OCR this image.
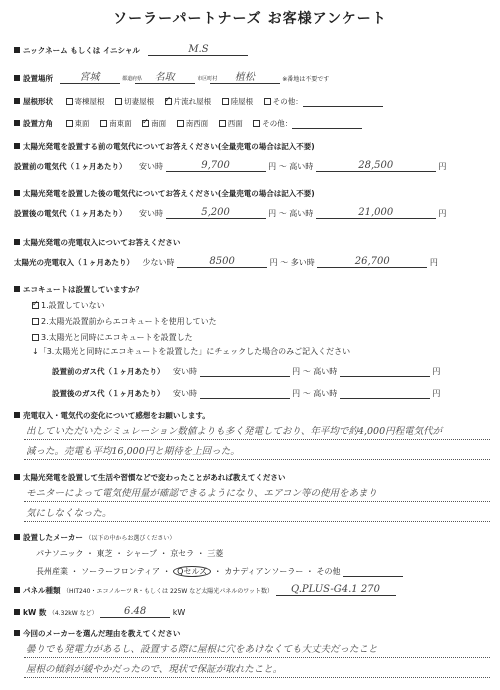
ソーラーパートナーズ お客様アンケート
ニックネーム もしくは イニシャル	M.S
設置場所	宮城	都道府県 名取	市区町村 植松	※番地は不要です
屋根形状	寄棟屋根	切妻屋根 ✓	片流れ屋根	陸屋根	その他：
設置方角	東面	南東面 ✓	南面	南西面	西面	その他：
太陽光発電を設置する前の電気代についてお答えください(全量売電の場合は記入不要)
設置前の電気代（１ヶ月あたり） 安い時	9,700	円 ～ 高い時	28,500	円
太陽光発電を設置した後の電気代についてお答えください(全量売電の場合は記入不要)
設置後の電気代（１ヶ月あたり） 安い時	5,200	円 ～ 高い時	21,000	円
太陽光発電の売電収入についてお答えください
太陽光の売電収入（１ヶ月あたり） 少ない時	8500	円 ～ 多い時	26,700	円
エコキュートは設置していますか？
✓1.設置していない
2.太陽光設置前からエコキュートを使用していた
3.太陽光と同時にエコキュートを設置した
↓「3.太陽光と同時にエコキュートを設置した」にチェックした場合のみご記入ください
設置前のガス代（１ヶ月あたり） 安い時	円 ～ 高い時	円
設置後のガス代（１ヶ月あたり） 安い時	円 ～ 高い時	円
売電収入・電気代の変化について感想をお願いします。
出していただいたシミュレーション数値よりも多く発電しており、年平均で約4,000円程電気代が
減った。売電も平均16,000円と期待を上回った。
太陽光発電を設置して生活や習慣などで変わったことがあれば教えてください
モニターによって電気使用量が確認できるようになり、エアコン等の使用をあまり
気にしなくなった。
設置したメーカー （以下の中からお選びください）
パナソニック ・ 東芝 ・ シャープ ・ 京セラ ・ 三菱
長州産業 ・ ソーラーフロンティア ・ Qセルズ ・ カナディアンソーラー ・ その他
パネル種類 （HIT240・エコノルーツ R・もしくは 225W など太陽光パネルのワット数） Q.PLUS-G4.1 270
kW 数 （4.32kW など）	6.48	kW
今回のメーカーを選んだ理由を教えてください
曇りでも発電力があるし、設置する際に屋根に穴をあけなくても大丈夫だったこと
屋根の傾斜が緩やかだったので、現状で保証が取れたこと。
